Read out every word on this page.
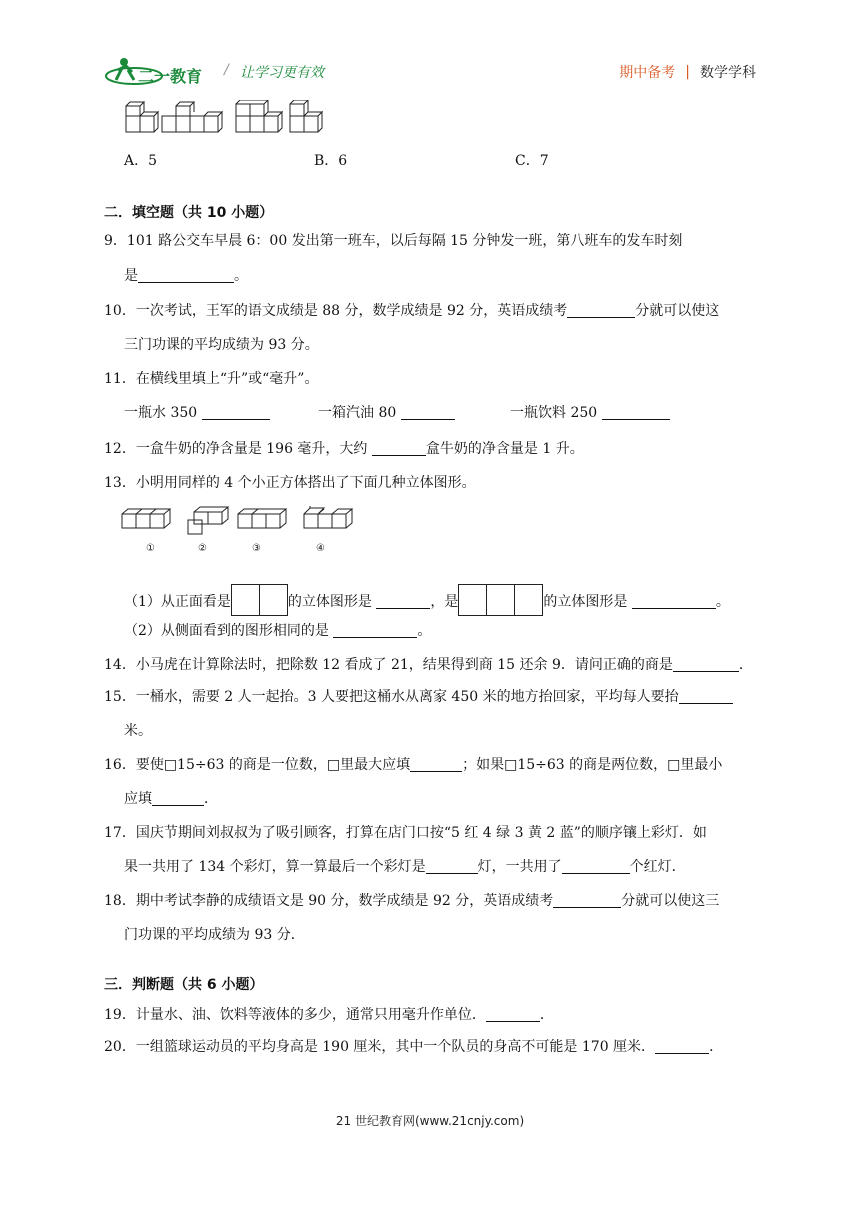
二一教育 / 让学习更有效	期中备考 | 数学学科
A．5	B．6	C．7
二．填空题（共 10 小题）
9．101 路公交车早晨 6：00 发出第一班车，以后每隔 15 分钟发一班，第八班车的发车时刻
是	。
10．一次考试，王军的语文成绩是 88 分，数学成绩是 92 分，英语成绩考	分就可以使这
三门功课的平均成绩为 93 分。
11．在横线里填上“升”或“毫升”。
一瓶水 350	一箱汽油 80	一瓶饮料 250
12．一盒牛奶的净含量是 196 毫升，大约	盒牛奶的净含量是 1 升。
13．小明用同样的 4 个小正方体搭出了下面几种立体图形。
①	②	③	④
（1）从正面看是	的立体图形是	，是	的立体图形是	。
（2）从侧面看到的图形相同的是	。
14．小马虎在计算除法时，把除数 12 看成了 21，结果得到商 15 还余 9．请问正确的商是	．
15．一桶水，需要 2 人一起抬。3 人要把这桶水从离家 450 米的地方抬回家，平均每人要抬
米。
16．要使□15÷63 的商是一位数，□里最大应填	；如果□15÷63 的商是两位数，□里最小
应填	．
17．国庆节期间刘叔叔为了吸引顾客，打算在店门口按“5 红 4 绿 3 黄 2 蓝”的顺序镶上彩灯．如
果一共用了 134 个彩灯，算一算最后一个彩灯是	灯，一共用了	个红灯．
18．期中考试李静的成绩语文是 90 分，数学成绩是 92 分，英语成绩考	分就可以使这三
门功课的平均成绩为 93 分．
三．判断题（共 6 小题）
19．计量水、油、饮料等液体的多少，通常只用毫升作单位．	．
20．一组篮球运动员的平均身高是 190 厘米，其中一个队员的身高不可能是 170 厘米．	．
21 世纪教育网(www.21cnjy.com)
